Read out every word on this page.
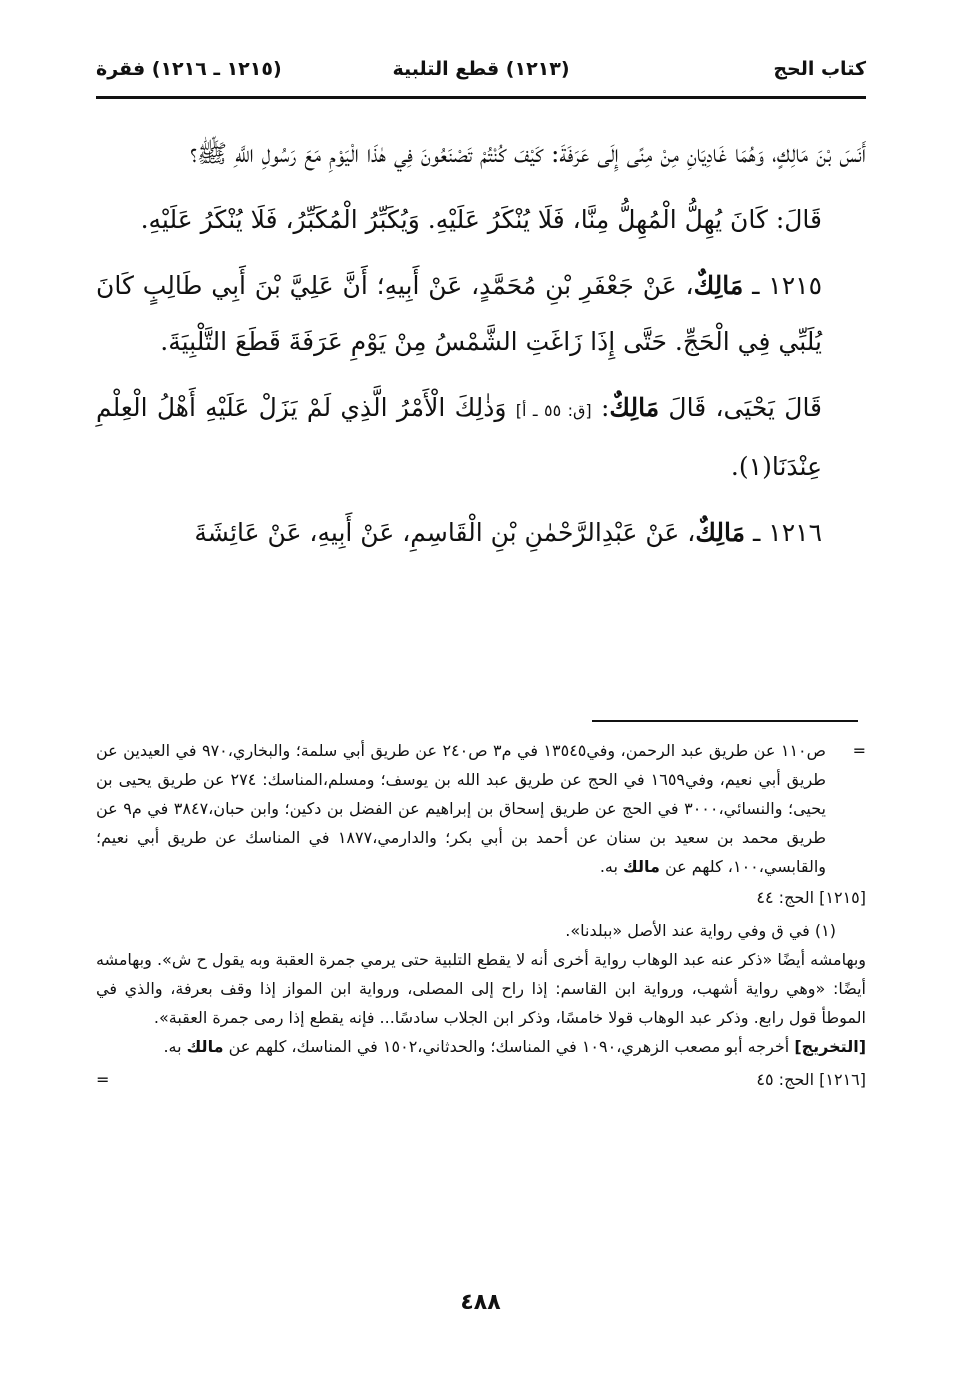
كتاب الحج
(١٢١٣) قطع التلبية
(١٢١٥ ـ ١٢١٦) فقرة

أَنَسَ بْنَ مَالِكٍ، وَهُمَا غَادِيَانِ مِنْ مِنًى إِلَى عَرَفَةَ: كَيْفَ كُنْتُمْ تَصْنَعُونَ فِي هٰذَا الْيَوْمِ مَعَ رَسُولِ اللَّهِ ﷺ؟

قَالَ: كَانَ يُهِلُّ الْمُهِلُّ مِنَّا، فَلَا يُنْكَرُ عَلَيْهِ. وَيُكَبِّرُ الْمُكَبِّرُ، فَلَا يُنْكَرُ عَلَيْهِ.

١٢١٥ ـ مَالِكٌ، عَنْ جَعْفَرِ بْنِ مُحَمَّدٍ، عَنْ أَبِيهِ؛ أَنَّ عَلِيَّ بْنَ أَبِي طَالِبٍ كَانَ يُلَبِّي فِي الْحَجِّ. حَتَّى إِذَا زَاغَتِ الشَّمْسُ مِنْ يَوْمِ عَرَفَةَ قَطَعَ التَّلْبِيَةَ.

قَالَ يَحْيَى، قَالَ مَالِكٌ: [ق: ٥٥ ـ أ] وَذٰلِكَ الْأَمْرُ الَّذِي لَمْ يَزَلْ عَلَيْهِ أَهْلُ الْعِلْمِ عِنْدَنَا(١).

١٢١٦ ـ مَالِكٌ، عَنْ عَبْدِالرَّحْمٰنِ بْنِ الْقَاسِمِ، عَنْ أَبِيهِ، عَنْ عَائِشَةَ

=

ص١١٠ عن طريق عبد الرحمن، وفي١٣٥٤٥ في م٣ ص٢٤٠ عن طريق أبي سلمة؛ والبخاري،٩٧٠ في العيدين عن طريق أبي نعيم، وفي١٦٥٩ في الحج عن طريق عبد الله بن يوسف؛ ومسلم،المناسك: ٢٧٤ عن طريق يحيى بن يحيى؛ والنسائي،٣٠٠٠ في الحج عن طريق إسحاق بن إبراهيم عن الفضل بن دكين؛ وابن حبان،٣٨٤٧ في م٩ عن طريق محمد بن سعيد بن سنان عن أحمد بن أبي بكر؛ والدارمي،١٨٧٧ في المناسك عن طريق أبي نعيم؛ والقابسي،١٠٠، كلهم عن مالك به.

[١٢١٥] الحج: ٤٤

(١) في ق وفي رواية عند الأصل «ببلدنا».

وبهامشه أيضًا «ذكر عنه عبد الوهاب رواية أخرى أنه لا يقطع التلبية حتى يرمي جمرة العقبة وبه يقول ح ش». وبهامشه أيضًا: «وهي رواية أشهب، ورواية ابن القاسم: إذا راح إلى المصلى، ورواية ابن المواز إذا وقف بعرفة، والذي في الموطأ قول رابع. وذكر عبد الوهاب قولا خامسًا، وذكر ابن الجلاب سادسًا... فإنه يقطع إذا رمى جمرة العقبة».

[التخريج] أخرجه أبو مصعب الزهري،١٠٩٠ في المناسك؛ والحدثاني،١٥٠٢ في المناسك، كلهم عن مالك به.

[١٢١٦] الحج: ٤٥
=
٤٨٨
